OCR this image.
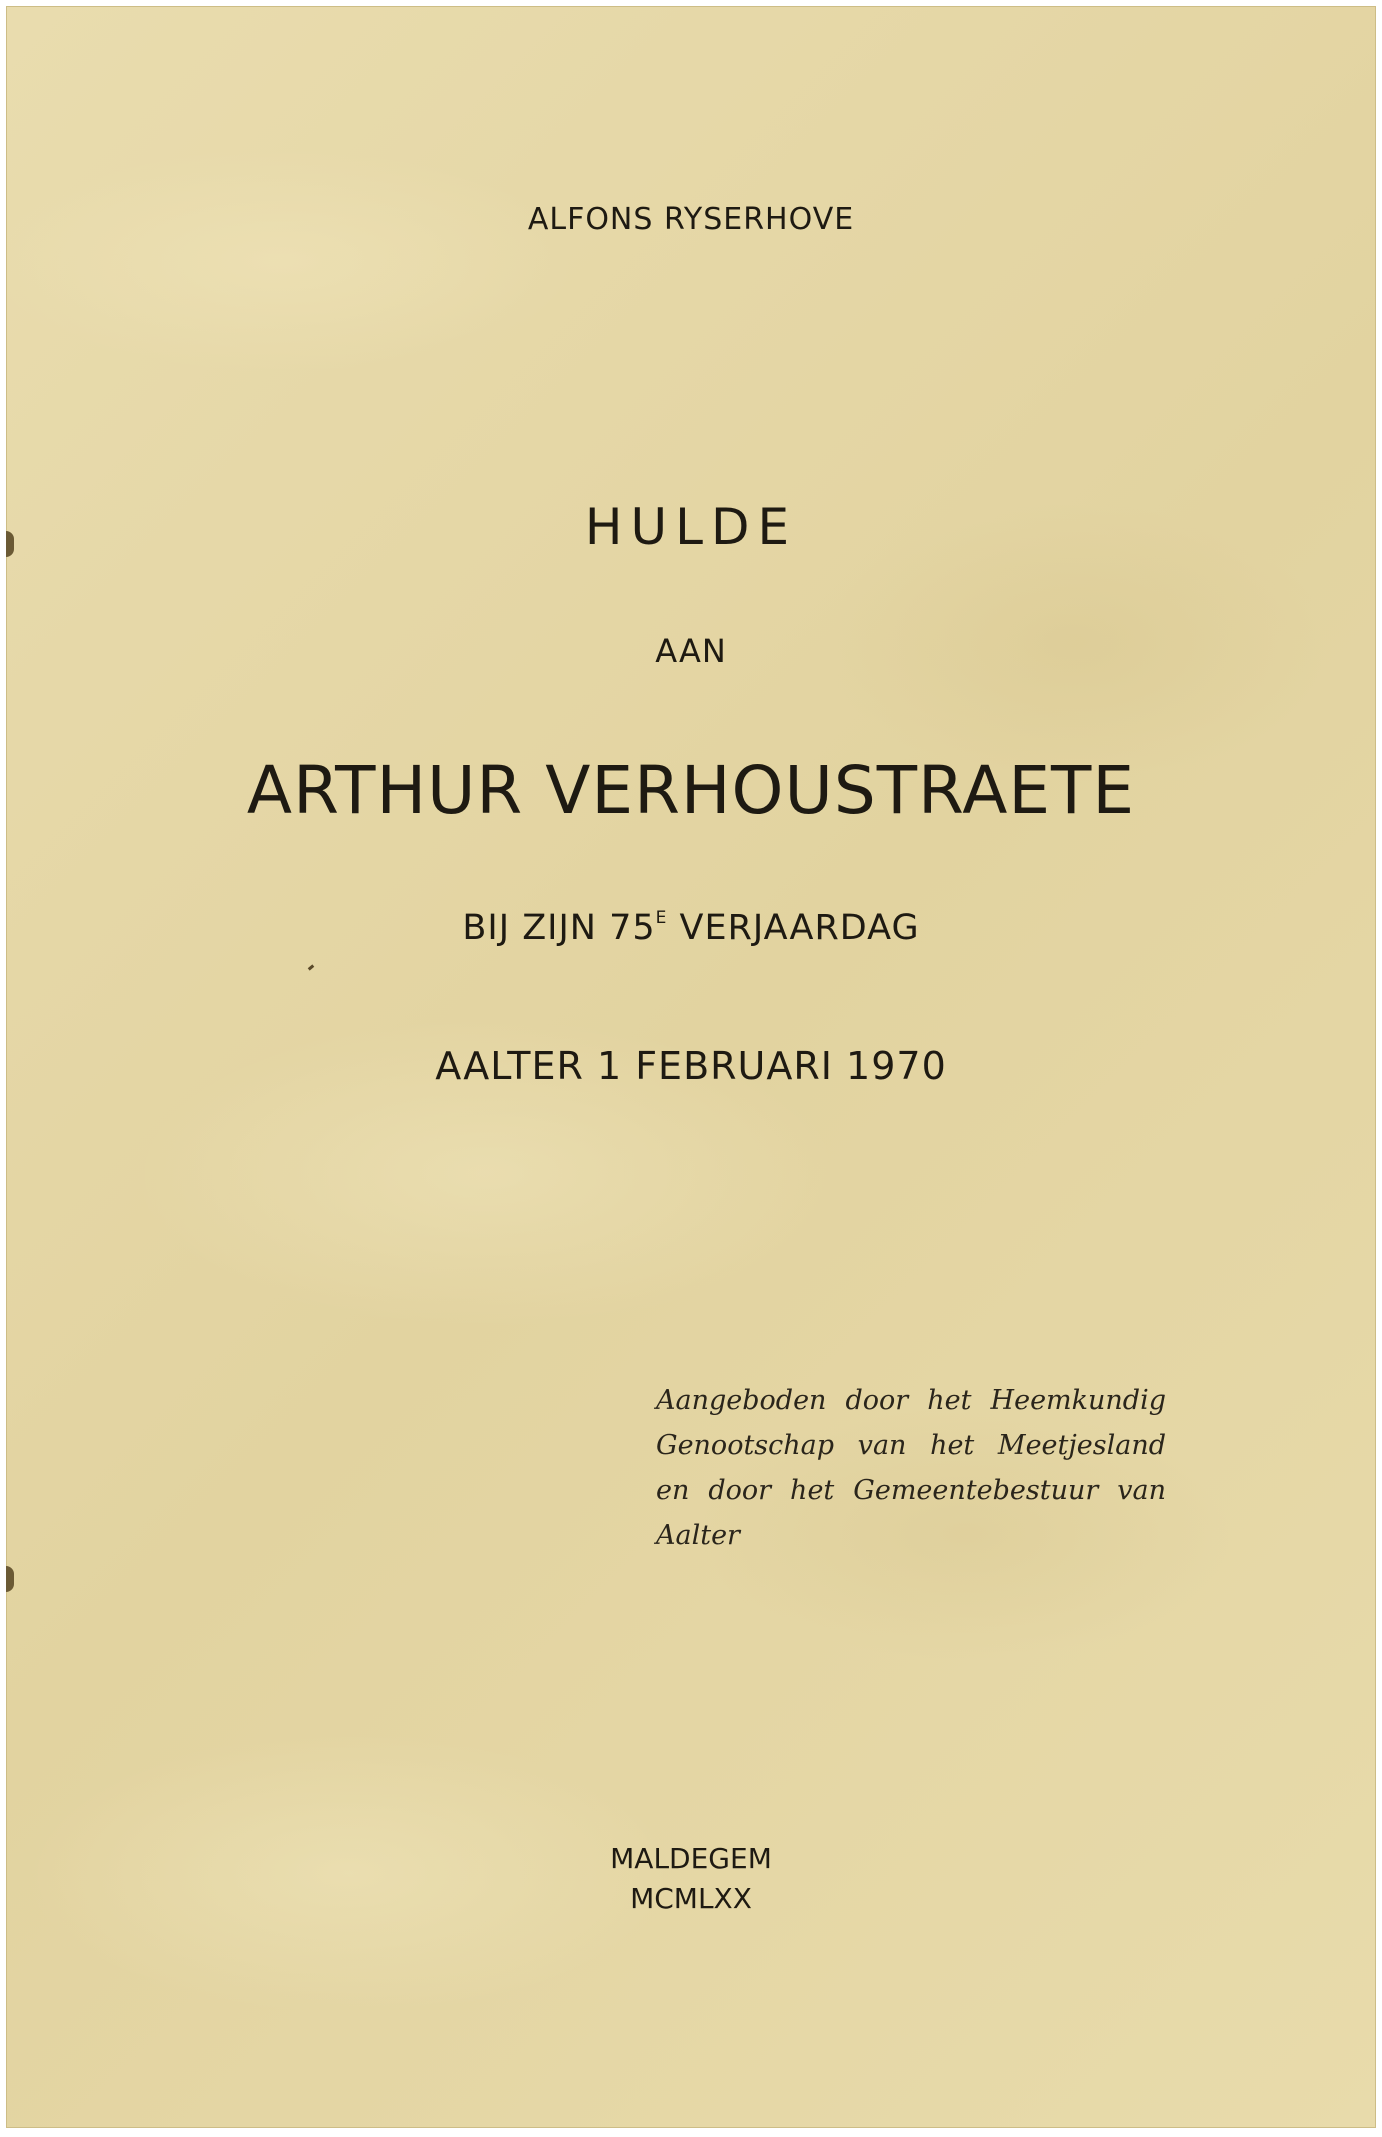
ALFONS RYSERHOVE
HULDE
AAN
ARTHUR VERHOUSTRAETE
BIJ ZIJN $75^E$ VERJAARDAG
AALTER 1 FEBRUARI 1970
Aangeboden door het Heemkundig
Genootschap van het Meetjesland
en door het Gemeentebestuur van
Aalter
MALDEGEM
MCMLXX
